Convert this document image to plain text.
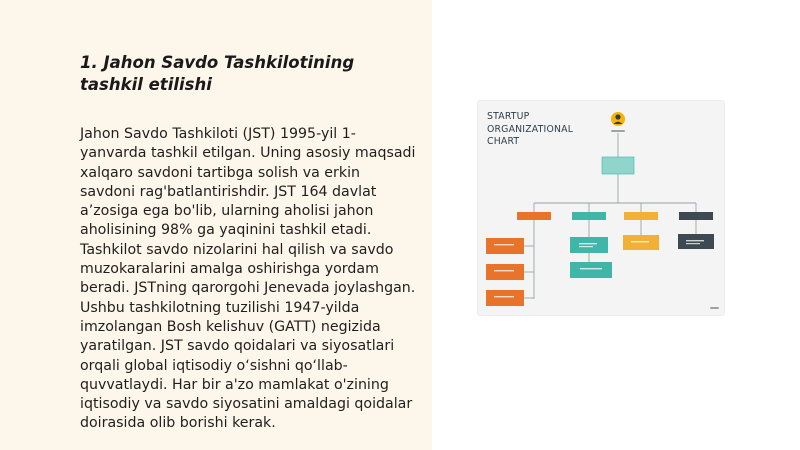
1. Jahon Savdo Tashkilotining tashkil etilishi

Jahon Savdo Tashkiloti (JST) 1995-yil 1-yanvarda tashkil etilgan. Uning asosiy maqsadi xalqaro savdoni tartibga solish va erkin savdoni rag'batlantirishdir. JST 164 davlat a’zosiga ega bo'lib, ularning aholisi jahon aholisining 98% ga yaqinini tashkil etadi. Tashkilot savdo nizolarini hal qilish va savdo muzokaralarini amalga oshirishga yordam beradi. JSTning qarorgohi Jenevada joylashgan. Ushbu tashkilotning tuzilishi 1947-yilda imzolangan Bosh kelishuv (GATT) negizida yaratilgan. JST savdo qoidalari va siyosatlari orqali global iqtisodiy o‘sishni qo‘llab-quvvatlaydi. Har bir a'zo mamlakat o'zining iqtisodiy va savdo siyosatini amaldagi qoidalar doirasida olib borishi kerak.

STARTUP
ORGANIZATIONAL
CHART
